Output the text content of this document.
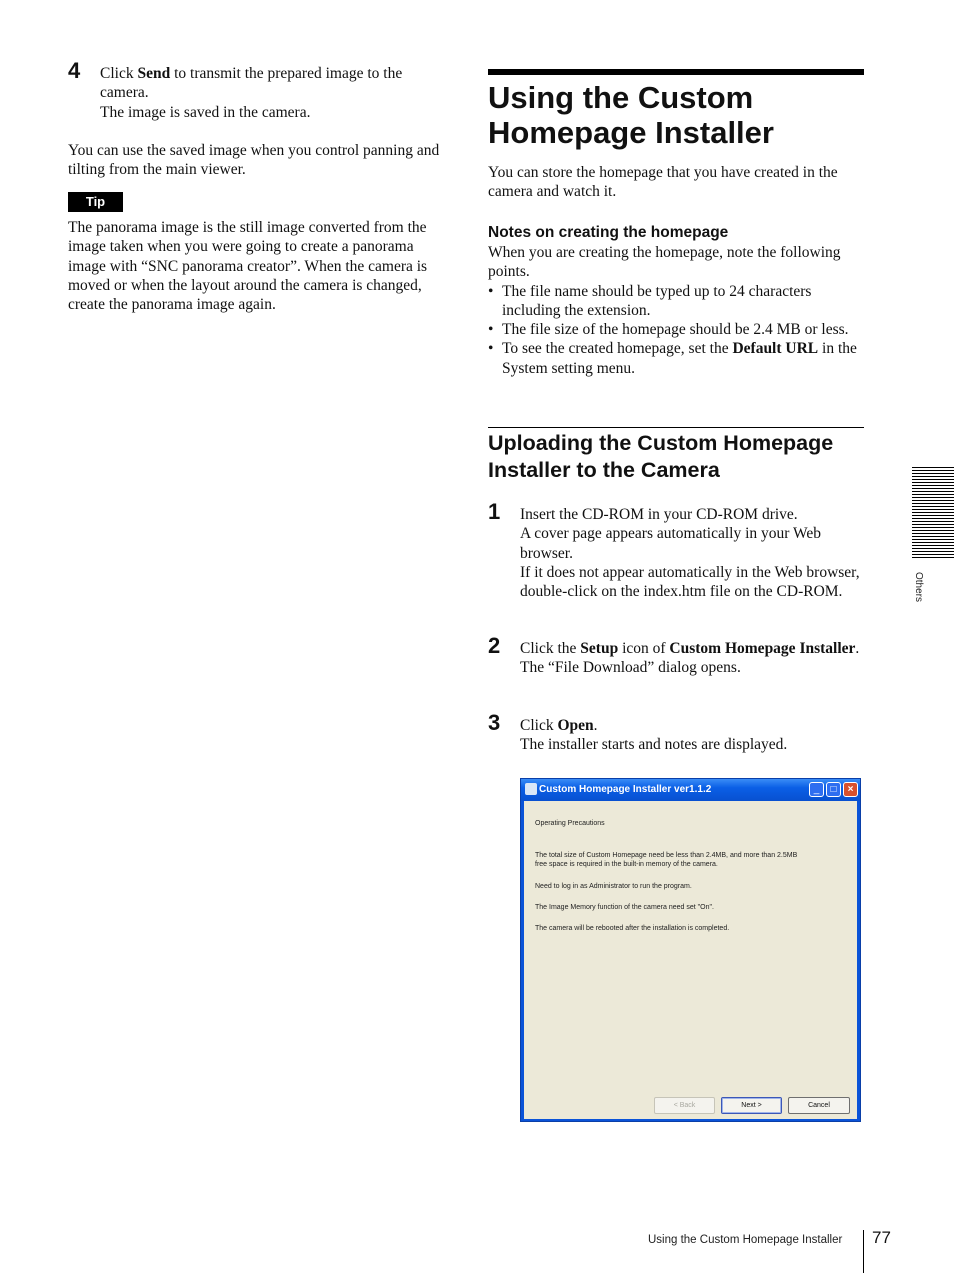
4 Click Send to transmit the prepared image to the camera.

The image is saved in the camera.

You can use the saved image when you control panning and tilting from the main viewer.

Tip

The panorama image is the still image converted from the image taken when you were going to create a panorama image with “SNC panorama creator”. When the camera is moved or when the layout around the camera is changed, create the panorama image again.

Using the Custom Homepage Installer

You can store the homepage that you have created in the camera and watch it.

Notes on creating the homepage

When you are creating the homepage, note the following points.

• The file name should be typed up to 24 characters including the extension.
• The file size of the homepage should be 2.4 MB or less.
• To see the created homepage, set the Default URL in the System setting menu.
Uploading the Custom Homepage Installer to the Camera
1 Insert the CD-ROM in your CD-ROM drive.

A cover page appears automatically in your Web browser.

If it does not appear automatically in the Web browser, double-click on the index.htm file on the CD-ROM.

2 Click the Setup icon of Custom Homepage Installer.

The “File Download” dialog opens.

3 Click Open.

The installer starts and notes are displayed.

Custom Homepage Installer ver1.1.2	_	□	×
Operating Precautions
The total size of Custom Homepage need be less than 2.4MB, and more than 2.5MB
free space is required in the built-in memory of the camera.
Need to log in as Administrator to run the program.
The Image Memory function of the camera need set "On".
The camera will be rebooted after the installation is completed.
< Back	Next >	Cancel
Others
Using the Custom Homepage Installer 77
